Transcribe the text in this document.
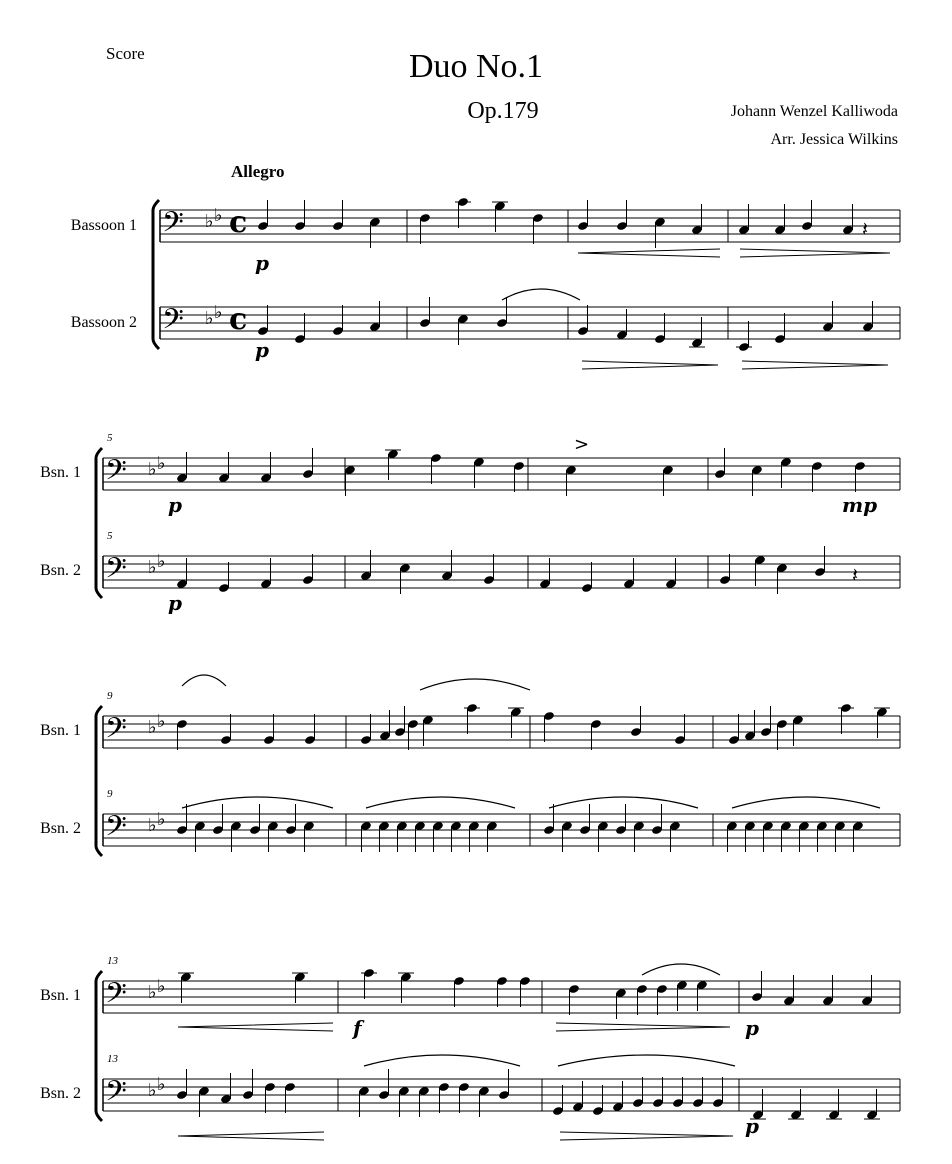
Score	Duo No.1
Op.179	Johann Wenzel Kalliwoda
Arr. Jessica Wilkins
Allegro
Bassoon 1
Bassoon 2
Bsn. 1
Bsn. 2
5
5
Bsn. 1
Bsn. 2
9
9
Bsn. 1
Bsn. 2
13
13
𝄢 ♭ ♭ c
p
𝄢 ♭ ♭ c
p
𝄢 ♭ ♭
p	mp
𝄢 ♭ ♭
p
𝄢 ♭ ♭
𝄢 ♭ ♭
𝄢 ♭ ♭
f	p
𝄢 ♭ ♭
p
>
𝄽
𝄽
